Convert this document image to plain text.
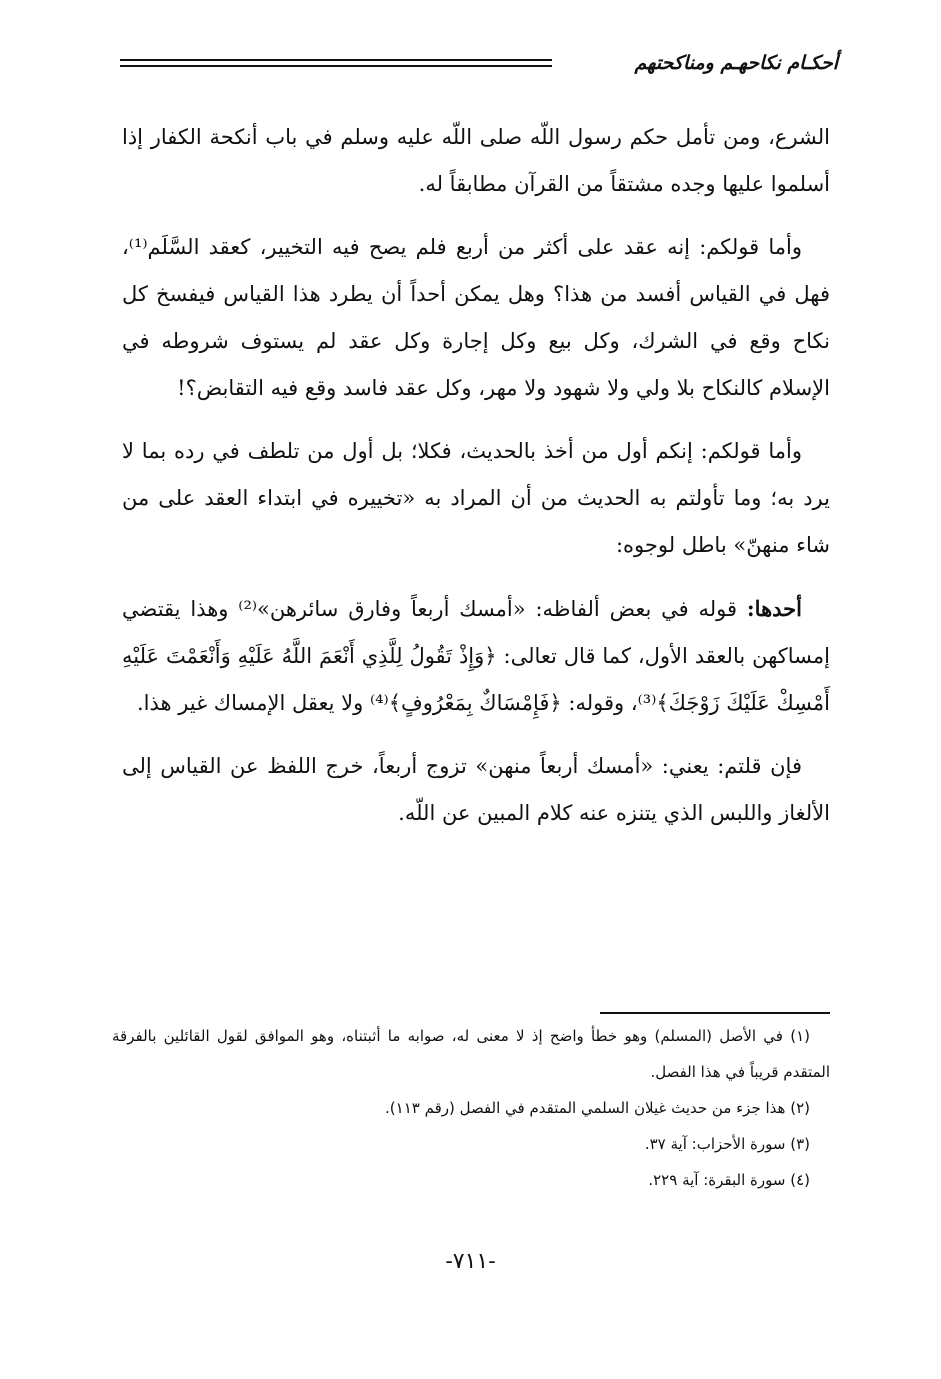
أحكـام نكاحهـم ومناكحتهم

الشرع، ومن تأمل حكم رسول اللّه صلى اللّه عليه وسلم في باب أنكحة الكفار إذا أسلموا عليها وجده مشتقاً من القرآن مطابقاً له.

وأما قولكم: إنه عقد على أكثر من أربع فلم يصح فيه التخيير، كعقد السَّلَم⁽¹⁾، فهل في القياس أفسد من هذا؟ وهل يمكن أحداً أن يطرد هذا القياس فيفسخ كل نكاح وقع في الشرك، وكل بيع وكل إجارة وكل عقد لم يستوف شروطه في الإسلام كالنكاح بلا ولي ولا شهود ولا مهر، وكل عقد فاسد وقع فيه التقابض؟!

وأما قولكم: إنكم أول من أخذ بالحديث، فكلا؛ بل أول من تلطف في رده بما لا يرد به؛ وما تأولتم به الحديث من أن المراد به «تخييره في ابتداء العقد على من شاء منهنّ» باطل لوجوه:

أحدها: قوله في بعض ألفاظه: «أمسك أربعاً وفارق سائرهن»⁽²⁾ وهذا يقتضي إمساكهن بالعقد الأول، كما قال تعالى: ﴿وَإِذْ تَقُولُ لِلَّذِي أَنْعَمَ اللَّهُ عَلَيْهِ وَأَنْعَمْتَ عَلَيْهِ أَمْسِكْ عَلَيْكَ زَوْجَكَ﴾⁽³⁾، وقوله: ﴿فَإِمْسَاكٌ بِمَعْرُوفٍ﴾⁽⁴⁾ ولا يعقل الإمساك غير هذا.

فإن قلتم: يعني: «أمسك أربعاً منهن» تزوج أربعاً، خرج اللفظ عن القياس إلى الألغاز واللبس الذي يتنزه عنه كلام المبين عن اللّه.

(١) في الأصل (المسلم) وهو خطأ واضح إذ لا معنى له، صوابه ما أثبتناه، وهو الموافق لقول القائلين بالفرقة المتقدم قريباً في هذا الفصل.

(٢) هذا جزء من حديث غيلان السلمي المتقدم في الفصل (رقم ١١٣).

(٣) سورة الأحزاب: آية ٣٧.

(٤) سورة البقرة: آية ٢٢٩.

-٧١١-
